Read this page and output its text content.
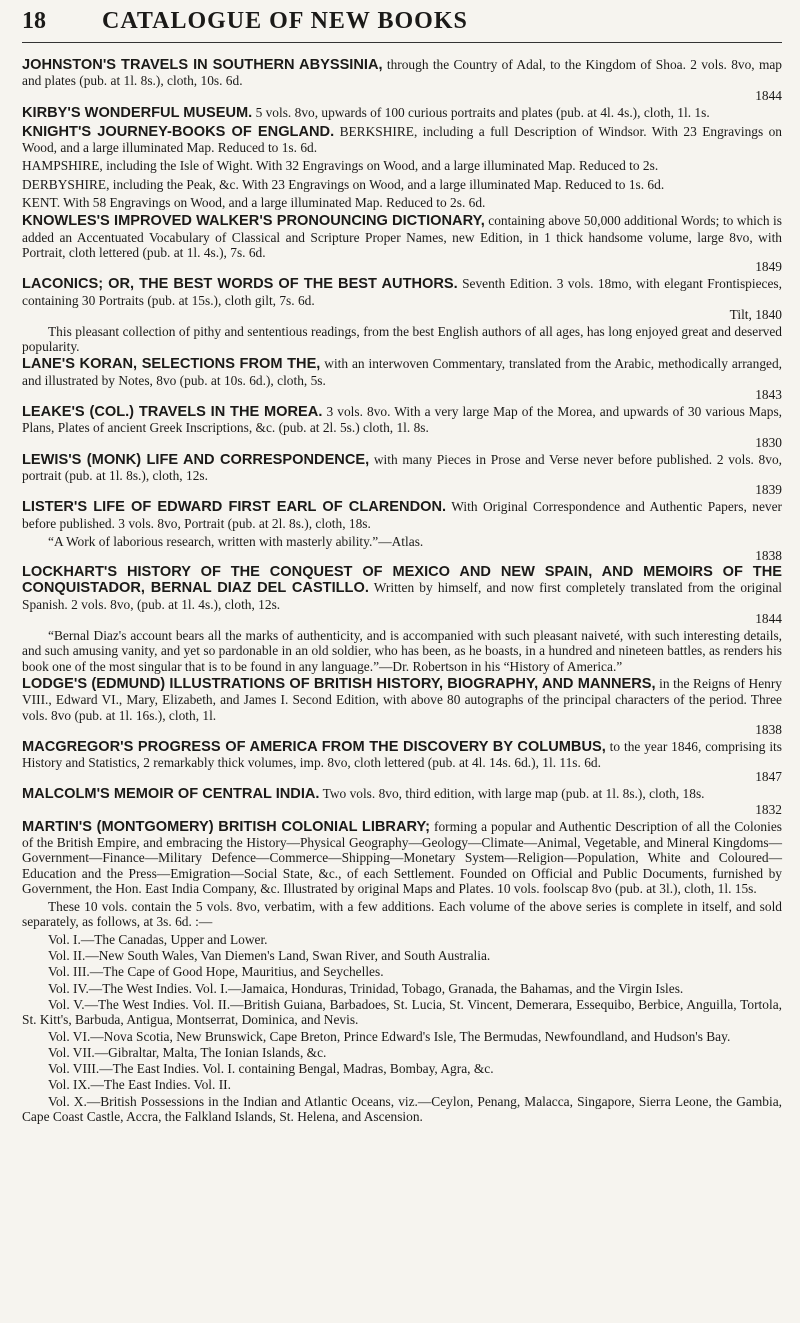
18	CATALOGUE OF NEW BOOKS
JOHNSTON'S TRAVELS IN SOUTHERN ABYSSINIA, through the Country of Adal, to the Kingdom of Shoa. 2 vols. 8vo, map and plates (pub. at 1l. 8s.), cloth, 10s. 6d.
1844
KIRBY'S WONDERFUL MUSEUM. 5 vols. 8vo, upwards of 100 curious portraits and plates (pub. at 4l. 4s.), cloth, 1l. 1s.
KNIGHT'S JOURNEY-BOOKS OF ENGLAND. BERKSHIRE, including a full Description of Windsor. With 23 Engravings on Wood, and a large illuminated Map. Reduced to 1s. 6d.
HAMPSHIRE, including the Isle of Wight. With 32 Engravings on Wood, and a large illuminated Map. Reduced to 2s.
DERBYSHIRE, including the Peak, &c. With 23 Engravings on Wood, and a large illuminated Map. Reduced to 1s. 6d.
KENT. With 58 Engravings on Wood, and a large illuminated Map. Reduced to 2s. 6d.
KNOWLES'S IMPROVED WALKER'S PRONOUNCING DICTIONARY, containing above 50,000 additional Words; to which is added an Accentuated Vocabulary of Classical and Scripture Proper Names, new Edition, in 1 thick handsome volume, large 8vo, with Portrait, cloth lettered (pub. at 1l. 4s.), 7s. 6d.
1849
LACONICS; OR, THE BEST WORDS OF THE BEST AUTHORS. Seventh Edition. 3 vols. 18mo, with elegant Frontispieces, containing 30 Portraits (pub. at 15s.), cloth gilt, 7s. 6d.
Tilt, 1840
This pleasant collection of pithy and sententious readings, from the best English authors of all ages, has long enjoyed great and deserved popularity.
LANE'S KORAN, SELECTIONS FROM THE, with an interwoven Commentary, translated from the Arabic, methodically arranged, and illustrated by Notes, 8vo (pub. at 10s. 6d.), cloth, 5s.
1843
LEAKE'S (COL.) TRAVELS IN THE MOREA. 3 vols. 8vo. With a very large Map of the Morea, and upwards of 30 various Maps, Plans, Plates of ancient Greek Inscriptions, &c. (pub. at 2l. 5s.) cloth, 1l. 8s.
1830
LEWIS'S (MONK) LIFE AND CORRESPONDENCE, with many Pieces in Prose and Verse never before published. 2 vols. 8vo, portrait (pub. at 1l. 8s.), cloth, 12s.
1839
LISTER'S LIFE OF EDWARD FIRST EARL OF CLARENDON. With Original Correspondence and Authentic Papers, never before published. 3 vols. 8vo, Portrait (pub. at 2l. 8s.), cloth, 18s.
“A Work of laborious research, written with masterly ability.”—Atlas.
1838
LOCKHART'S HISTORY OF THE CONQUEST OF MEXICO AND NEW SPAIN, AND MEMOIRS OF THE CONQUISTADOR, BERNAL DIAZ DEL CASTILLO. Written by himself, and now first completely translated from the original Spanish. 2 vols. 8vo, (pub. at 1l. 4s.), cloth, 12s.
1844
“Bernal Diaz's account bears all the marks of authenticity, and is accompanied with such pleasant naiveté, with such interesting details, and such amusing vanity, and yet so pardonable in an old soldier, who has been, as he boasts, in a hundred and nineteen battles, as renders his book one of the most singular that is to be found in any language.”—Dr. Robertson in his “History of America.”
LODGE'S (EDMUND) ILLUSTRATIONS OF BRITISH HISTORY, BIOGRAPHY, AND MANNERS, in the Reigns of Henry VIII., Edward VI., Mary, Elizabeth, and James I. Second Edition, with above 80 autographs of the principal characters of the period. Three vols. 8vo (pub. at 1l. 16s.), cloth, 1l.
1838
MACGREGOR'S PROGRESS OF AMERICA FROM THE DISCOVERY BY COLUMBUS, to the year 1846, comprising its History and Statistics, 2 remarkably thick volumes, imp. 8vo, cloth lettered (pub. at 4l. 14s. 6d.), 1l. 11s. 6d.
1847
MALCOLM'S MEMOIR OF CENTRAL INDIA. Two vols. 8vo, third edition, with large map (pub. at 1l. 8s.), cloth, 18s.
1832
MARTIN'S (MONTGOMERY) BRITISH COLONIAL LIBRARY; forming a popular and Authentic Description of all the Colonies of the British Empire, and embracing the History—Physical Geography—Geology—Climate—Animal, Vegetable, and Mineral Kingdoms—Government—Finance—Military Defence—Commerce—Shipping—Monetary System—Religion—Population, White and Coloured—Education and the Press—Emigration—Social State, &c., of each Settlement. Founded on Official and Public Documents, furnished by Government, the Hon. East India Company, &c. Illustrated by original Maps and Plates. 10 vols. foolscap 8vo (pub. at 3l.), cloth, 1l. 15s.
These 10 vols. contain the 5 vols. 8vo, verbatim, with a few additions. Each volume of the above series is complete in itself, and sold separately, as follows, at 3s. 6d. :—
Vol. I.—The Canadas, Upper and Lower.
Vol. II.—New South Wales, Van Diemen's Land, Swan River, and South Australia.
Vol. III.—The Cape of Good Hope, Mauritius, and Seychelles.
Vol. IV.—The West Indies. Vol. I.—Jamaica, Honduras, Trinidad, Tobago, Granada, the Bahamas, and the Virgin Isles.
Vol. V.—The West Indies. Vol. II.—British Guiana, Barbadoes, St. Lucia, St. Vincent, Demerara, Essequibo, Berbice, Anguilla, Tortola, St. Kitt's, Barbuda, Antigua, Montserrat, Dominica, and Nevis.
Vol. VI.—Nova Scotia, New Brunswick, Cape Breton, Prince Edward's Isle, The Bermudas, Newfoundland, and Hudson's Bay.
Vol. VII.—Gibraltar, Malta, The Ionian Islands, &c.
Vol. VIII.—The East Indies. Vol. I. containing Bengal, Madras, Bombay, Agra, &c.
Vol. IX.—The East Indies. Vol. II.
Vol. X.—British Possessions in the Indian and Atlantic Oceans, viz.—Ceylon, Penang, Malacca, Singapore, Sierra Leone, the Gambia, Cape Coast Castle, Accra, the Falkland Islands, St. Helena, and Ascension.
